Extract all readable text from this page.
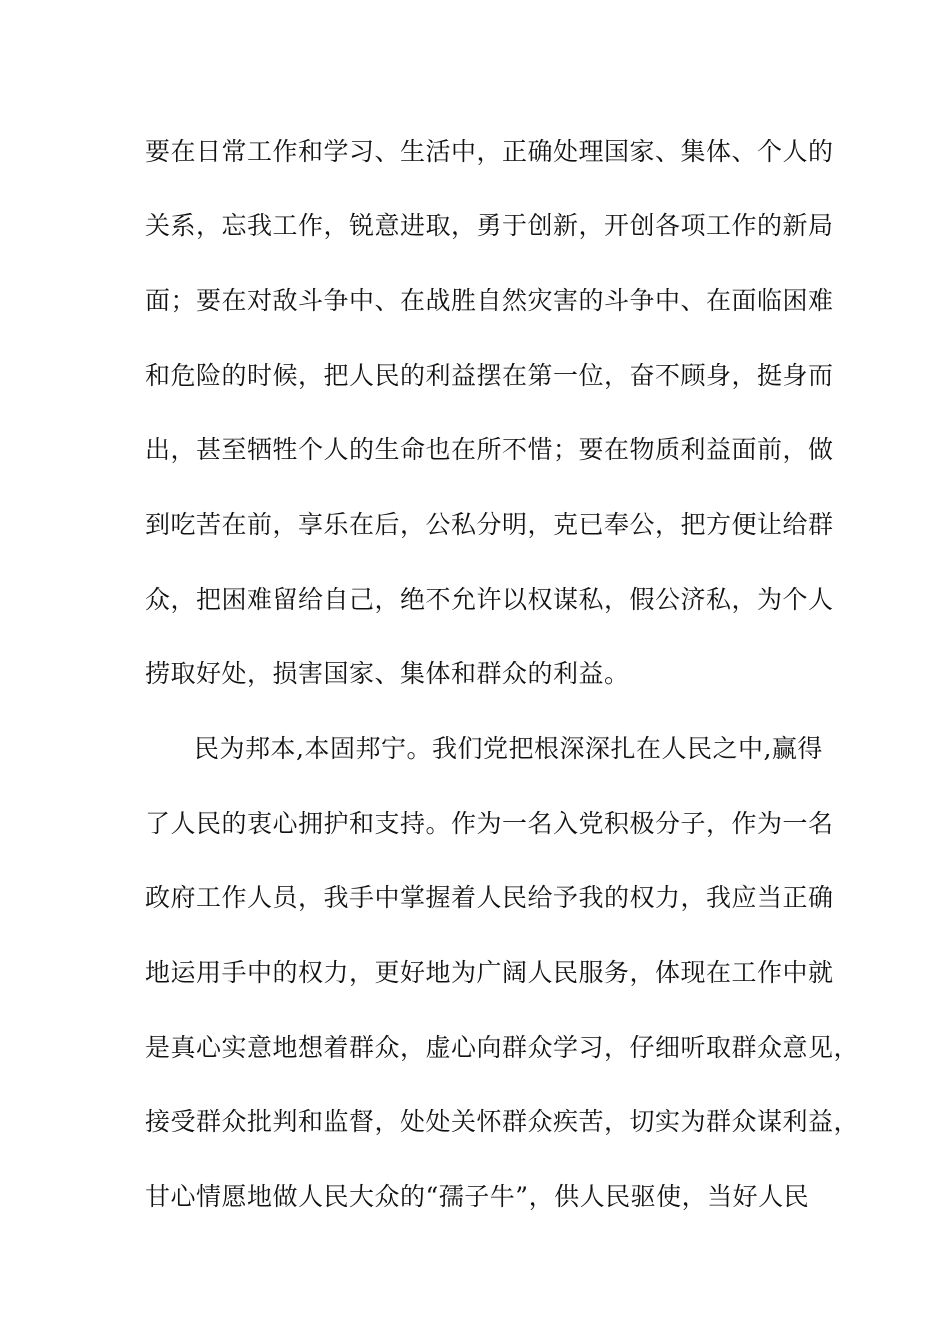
要在日常工作和学习、生活中，正确处理国家、集体、个人的
关系，忘我工作，锐意进取，勇于创新，开创各项工作的新局
面；要在对敌斗争中、在战胜自然灾害的斗争中、在面临困难
和危险的时候，把人民的利益摆在第一位，奋不顾身，挺身而
出，甚至牺牲个人的生命也在所不惜；要在物质利益面前，做
到吃苦在前，享乐在后，公私分明，克已奉公，把方便让给群
众，把困难留给自己，绝不允许以权谋私，假公济私，为个人
捞取好处，损害国家、集体和群众的利益。
民为邦本,本固邦宁。我们党把根深深扎在人民之中,赢得
了人民的衷心拥护和支持。作为一名入党积极分子，作为一名
政府工作人员，我手中掌握着人民给予我的权力，我应当正确
地运用手中的权力，更好地为广阔人民服务，体现在工作中就
是真心实意地想着群众，虚心向群众学习，仔细听取群众意见，
接受群众批判和监督，处处关怀群众疾苦，切实为群众谋利益，
甘心情愿地做人民大众的“孺子牛”，供人民驱使，当好人民
